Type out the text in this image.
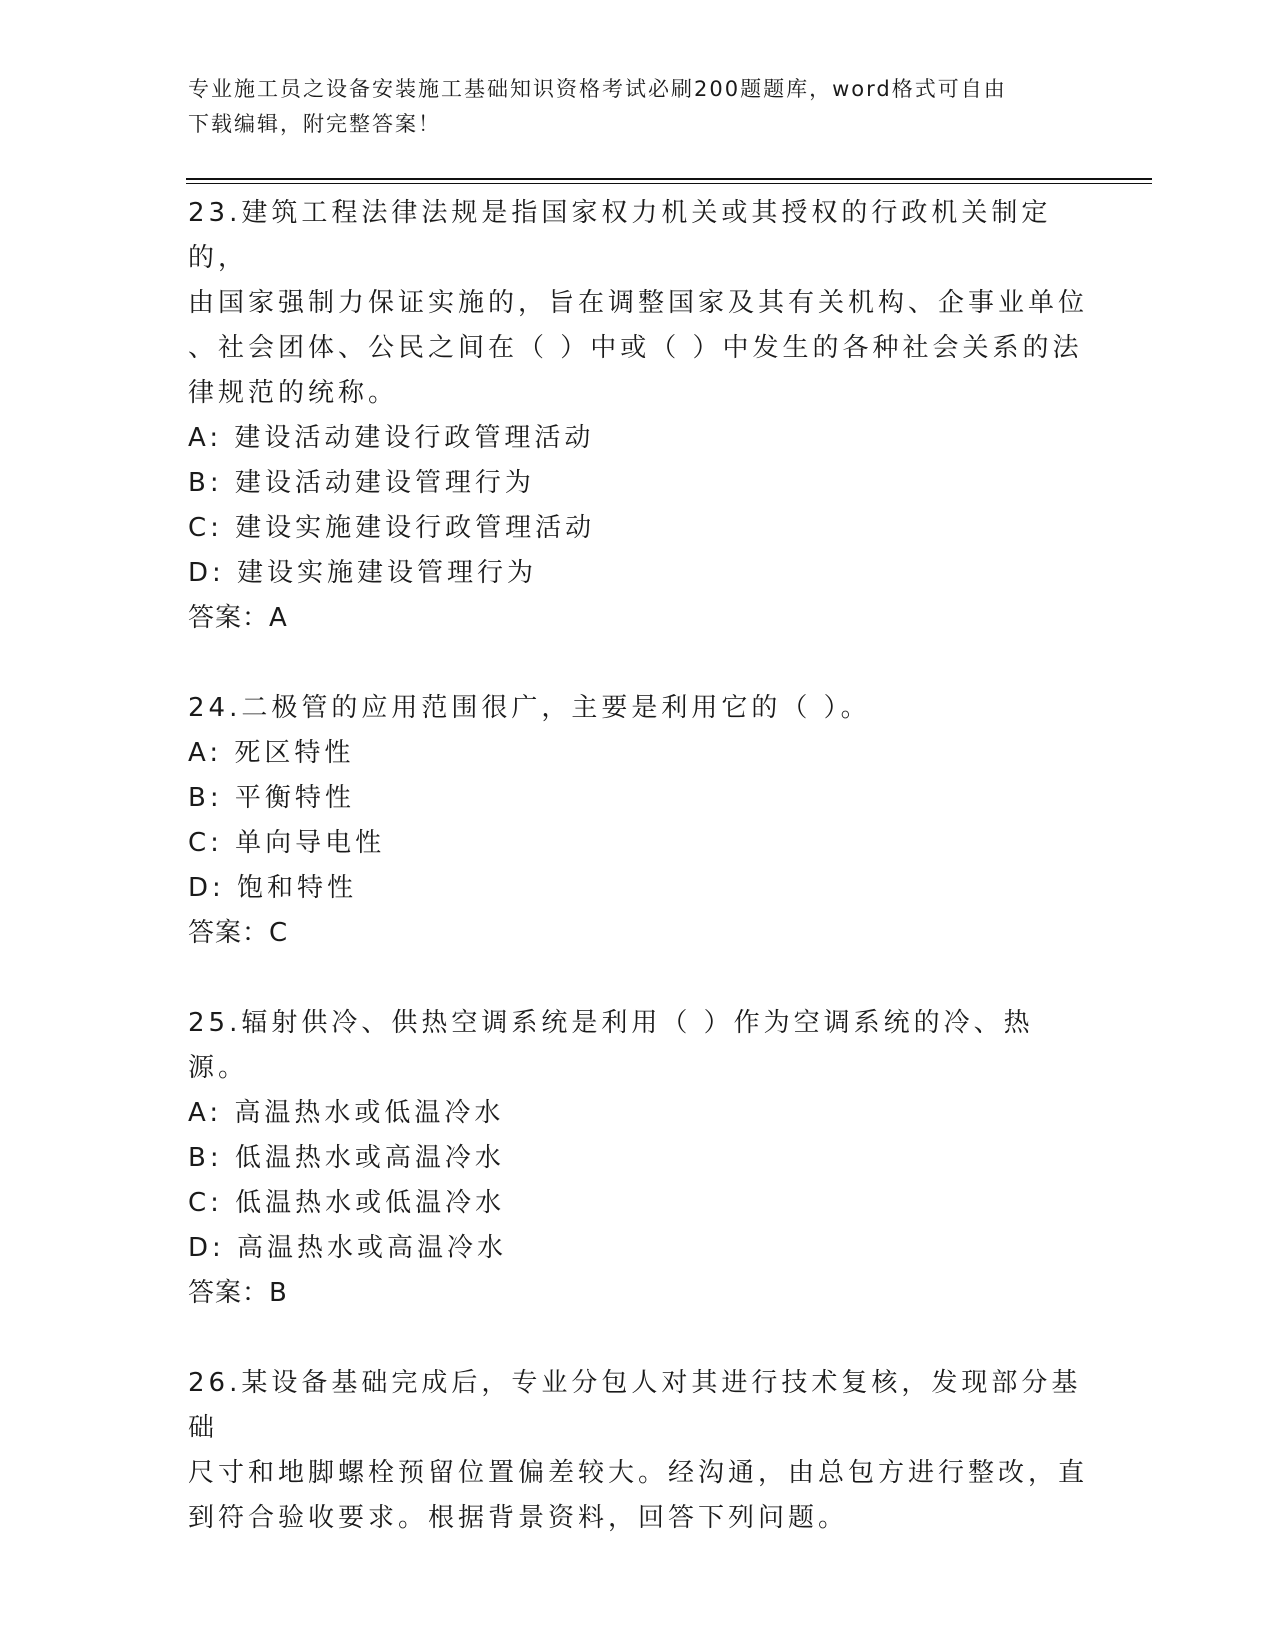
专业施工员之设备安装施工基础知识资格考试必刷200题题库，word格式可自由
下载编辑，附完整答案！

23.建筑工程法律法规是指国家权力机关或其授权的行政机关制定的，

由国家强制力保证实施的，旨在调整国家及其有关机构、企事业单位

、社会团体、公民之间在（ ）中或（ ）中发生的各种社会关系的法

律规范的统称。

A: 建设活动建设行政管理活动

B: 建设活动建设管理行为

C: 建设实施建设行政管理活动

D: 建设实施建设管理行为

答案：A

24.二极管的应用范围很广，主要是利用它的（ ）。

A: 死区特性

B: 平衡特性

C: 单向导电性

D: 饱和特性

答案：C

25.辐射供冷、供热空调系统是利用（ ）作为空调系统的冷、热源。

A: 高温热水或低温冷水

B: 低温热水或高温冷水

C: 低温热水或低温冷水

D: 高温热水或高温冷水

答案：B

26.某设备基础完成后，专业分包人对其进行技术复核，发现部分基础

尺寸和地脚螺栓预留位置偏差较大。经沟通，由总包方进行整改，直

到符合验收要求。根据背景资料，回答下列问题。
